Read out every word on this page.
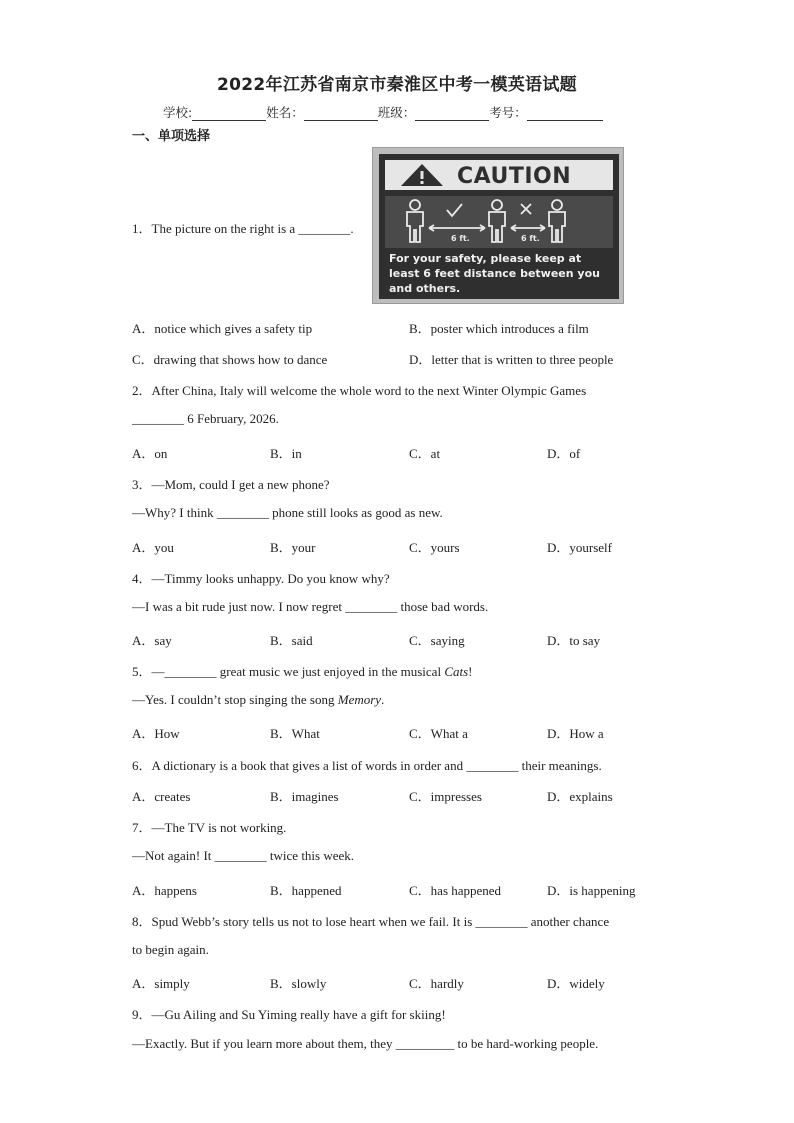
2022年江苏省南京市秦淮区中考一模英语试题
学校:	姓名：	班级：	考号：
一、单项选择
CAUTION
6 ft.	6 ft.
For your safety, please keep at least 6 feet distance between you and others.
1．The picture on the right is a ________.
A．notice which gives a safety tip	B．poster which introduces a film
C．drawing that shows how to dance	D．letter that is written to three people
2．After China, Italy will welcome the whole word to the next Winter Olympic Games
________ 6 February, 2026.
A．on	B．in	C．at	D．of
3．—Mom, could I get a new phone?
—Why? I think ________ phone still looks as good as new.
A．you	B．your	C．yours	D．yourself
4．—Timmy looks unhappy. Do you know why?
—I was a bit rude just now. I now regret ________ those bad words.
A．say	B．said	C．saying	D．to say
5．—________ great music we just enjoyed in the musical Cats!
—Yes. I couldn’t stop singing the song Memory.
A．How	B．What	C．What a	D．How a
6．A dictionary is a book that gives a list of words in order and ________ their meanings.
A．creates	B．imagines	C．impresses	D．explains
7．—The TV is not working.
—Not again! It ________ twice this week.
A．happens	B．happened	C．has happened	D．is happening
8．Spud Webb’s story tells us not to lose heart when we fail. It is ________ another chance
to begin again.
A．simply	B．slowly	C．hardly	D．widely
9．—Gu Ailing and Su Yiming really have a gift for skiing!
—Exactly. But if you learn more about them, they _________ to be hard-working people.
